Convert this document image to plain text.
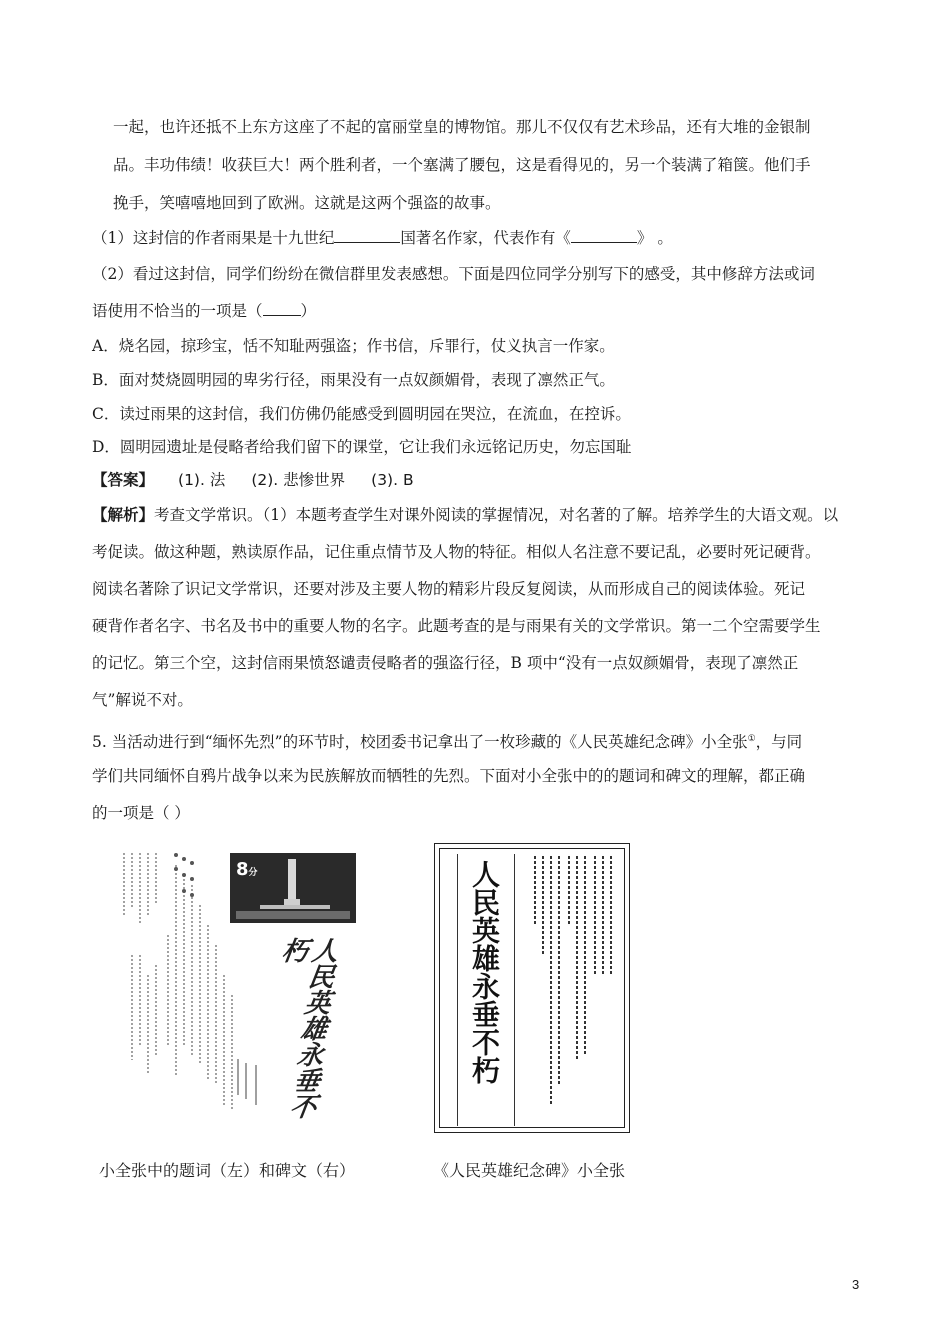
一起，也许还抵不上东方这座了不起的富丽堂皇的博物馆。那儿不仅仅有艺术珍品，还有大堆的金银制
品。丰功伟绩！收获巨大！两个胜利者，一个塞满了腰包，这是看得见的，另一个装满了箱箧。他们手
挽手，笑嘻嘻地回到了欧洲。这就是这两个强盗的故事。
（1）这封信的作者雨果是十九世纪	国著名作家，代表作有《	》 。
（2）看过这封信，同学们纷纷在微信群里发表感想。下面是四位同学分别写下的感受，其中修辞方法或词
语使用不恰当的一项是（ ）
A．烧名园，掠珍宝，恬不知耻两强盗；作书信，斥罪行，仗义执言一作家。
B．面对焚烧圆明园的卑劣行径，雨果没有一点奴颜媚骨，表现了凛然正气。
C．读过雨果的这封信，我们仿佛仍能感受到圆明园在哭泣，在流血，在控诉。
D．圆明园遗址是侵略者给我们留下的课堂，它让我们永远铭记历史，勿忘国耻
【答案】 (1). 法 (2). 悲惨世界 (3). B
【解析】考查文学常识。（1）本题考查学生对课外阅读的掌握情况，对名著的了解。培养学生的大语文观。以
考促读。做这种题，熟读原作品，记住重点情节及人物的特征。相似人名注意不要记乱，必要时死记硬背。
阅读名著除了识记文学常识，还要对涉及主要人物的精彩片段反复阅读，从而形成自己的阅读体验。死记
硬背作者名字、书名及书中的重要人物的名字。此题考查的是与雨果有关的文学常识。第一二个空需要学生
的记忆。第三个空，这封信雨果愤怒谴责侵略者的强盗行径，B 项中“没有一点奴颜媚骨，表现了凛然正
气”解说不对。
5. 当活动进行到“缅怀先烈”的环节时，校团委书记拿出了一枚珍藏的《人民英雄纪念碑》小全张①，与同
学们共同缅怀自鸦片战争以来为民族解放而牺牲的先烈。下面对小全张中的的题词和碑文的理解，都正确
的一项是（ ）
8分
人民英雄永垂不朽	人民英雄永垂不朽
小全张中的题词（左）和碑文（右）	《人民英雄纪念碑》小全张
3
